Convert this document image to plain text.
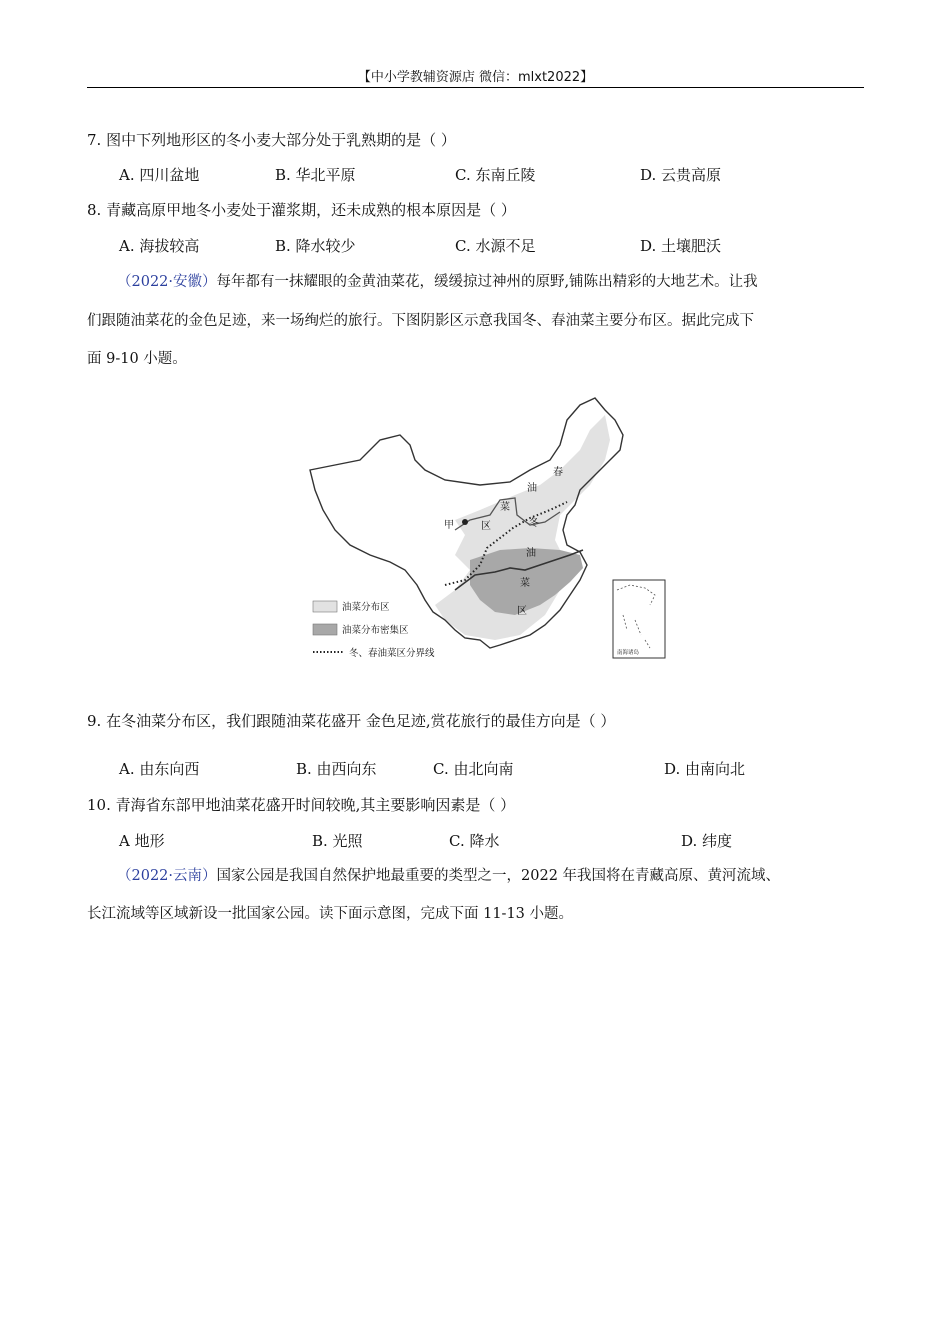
【中小学教辅资源店 微信：mlxt2022】
7. 图中下列地形区的冬小麦大部分处于乳熟期的是（ ）
A. 四川盆地	B. 华北平原	C. 东南丘陵	D. 云贵高原
8. 青藏高原甲地冬小麦处于灌浆期，还未成熟的根本原因是（ ）
A. 海拔较高	B. 降水较少	C. 水源不足	D. 土壤肥沃
（2022·安徽）每年都有一抹耀眼的金黄油菜花，缓缓掠过神州的原野,铺陈出精彩的大地艺术。让我
们跟随油菜花的金色足迹，来一场绚烂的旅行。下图阴影区示意我国冬、春油菜主要分布区。据此完成下
面 9-10 小题。
春
油
菜
区	冬
油
菜
区
甲
南海诸岛
油菜分布区
油菜分布密集区
冬、春油菜区分界线
9. 在冬油菜分布区，我们跟随油菜花盛开 金色足迹,赏花旅行的最佳方向是（ ）
A. 由东向西	B. 由西向东	C. 由北向南	D. 由南向北
10. 青海省东部甲地油菜花盛开时间较晚,其主要影响因素是（ ）
A 地形	B. 光照	C. 降水	D. 纬度
（2022·云南）国家公园是我国自然保护地最重要的类型之一，2022 年我国将在青藏高原、黄河流域、
长江流域等区域新设一批国家公园。读下面示意图，完成下面 11-13 小题。
